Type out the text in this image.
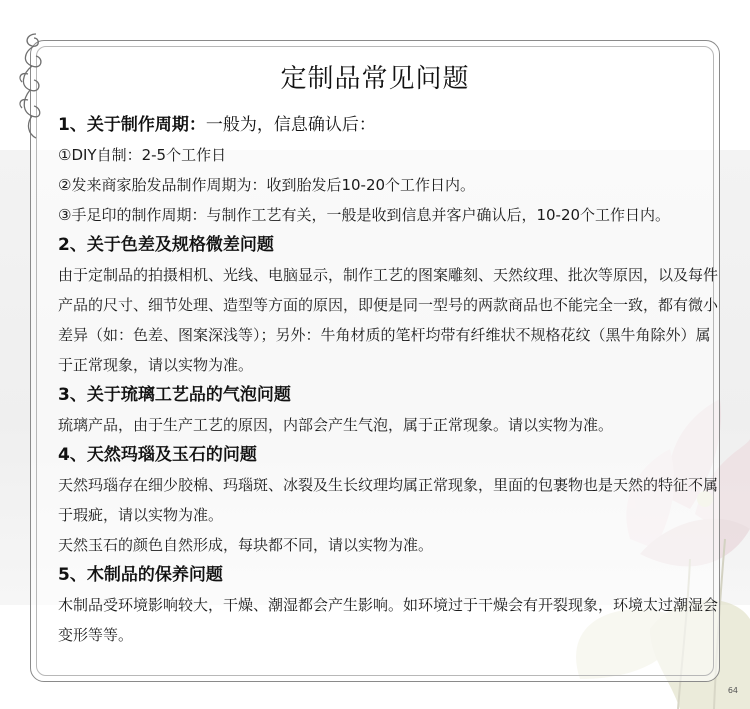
定制品常见问题

1、关于制作周期：一般为，信息确认后：

①DIY自制：2-5个工作日

②发来商家胎发品制作周期为：收到胎发后10-20个工作日内。

③手足印的制作周期：与制作工艺有关，一般是收到信息并客户确认后，10-20个工作日内。

2、关于色差及规格微差问题

由于定制品的拍摄相机、光线、电脑显示，制作工艺的图案雕刻、天然纹理、批次等原因，以及每件产品的尺寸、细节处理、造型等方面的原因，即便是同一型号的两款商品也不能完全一致，都有微小差异（如：色差、图案深浅等）；另外：牛角材质的笔杆均带有纤维状不规格花纹（黑牛角除外）属于正常现象，请以实物为准。

3、关于琉璃工艺品的气泡问题

琉璃产品，由于生产工艺的原因，内部会产生气泡，属于正常现象。请以实物为准。

4、天然玛瑙及玉石的问题

天然玛瑙存在细少胶棉、玛瑙斑、冰裂及生长纹理均属正常现象，里面的包裹物也是天然的特征不属于瑕疵，请以实物为准。

天然玉石的颜色自然形成，每块都不同，请以实物为准。

5、木制品的保养问题

木制品受环境影响较大，干燥、潮湿都会产生影响。如环境过于干燥会有开裂现象，环境太过潮湿会变形等等。

64
